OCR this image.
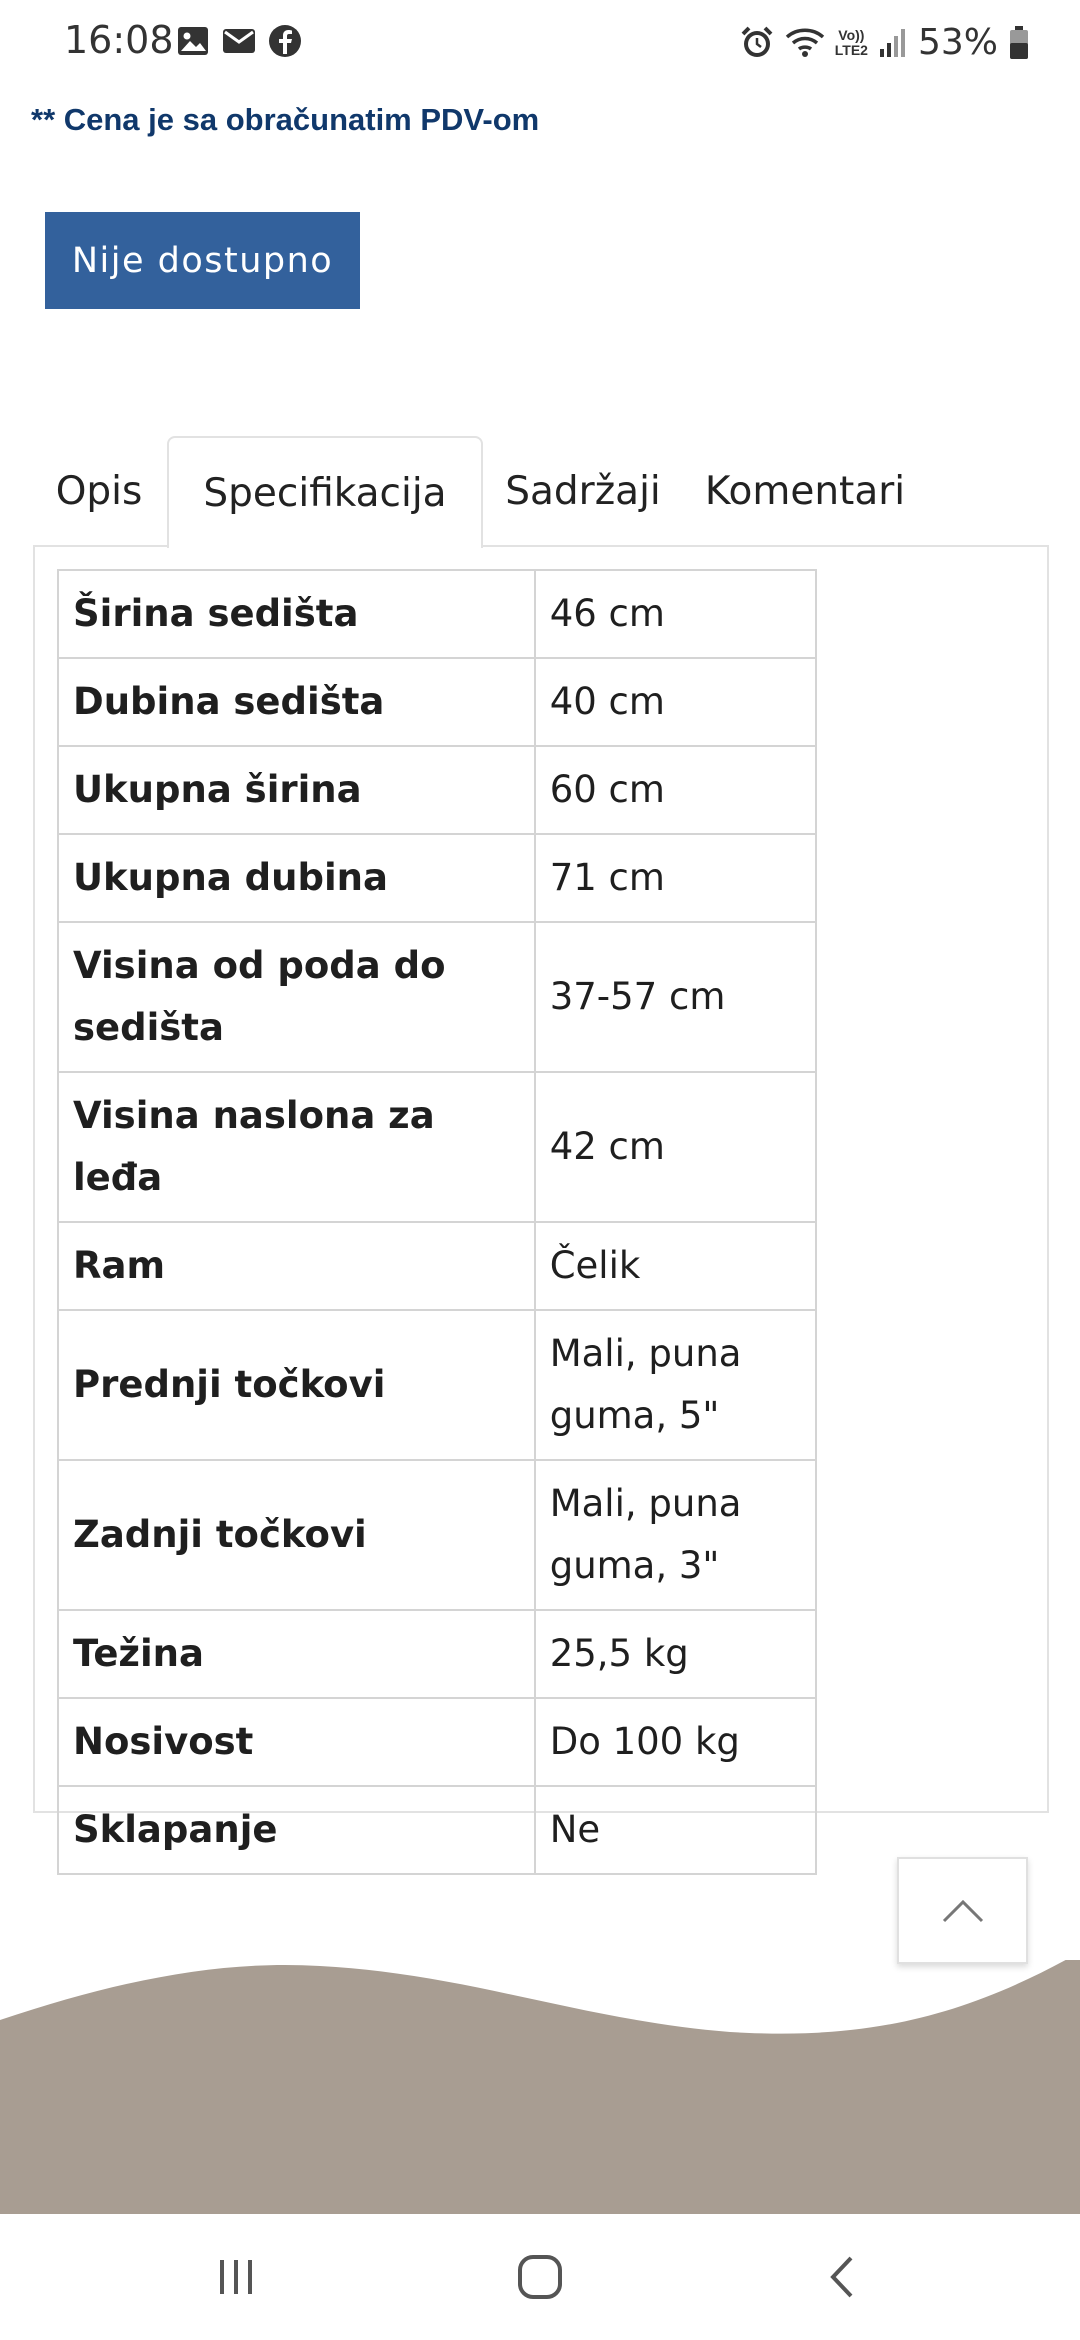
16:08	Vo))
LTE2 53%
** Cena je sa obračunatim PDV-om
Nije dostupno
Opis	Specifikacija	Sadržaji	Komentari
Širina sedišta	46 cm
Dubina sedišta	40 cm
Ukupna širina	60 cm
Ukupna dubina	71 cm
Visina od poda do sedišta	37-57 cm
Visina naslona za leđa	42 cm
Ram	Čelik
Prednji točkovi	Mali, puna guma, 5"
Zadnji točkovi	Mali, puna guma, 3"
Težina	25,5 kg
Nosivost	Do 100 kg
Sklapanje	Ne
